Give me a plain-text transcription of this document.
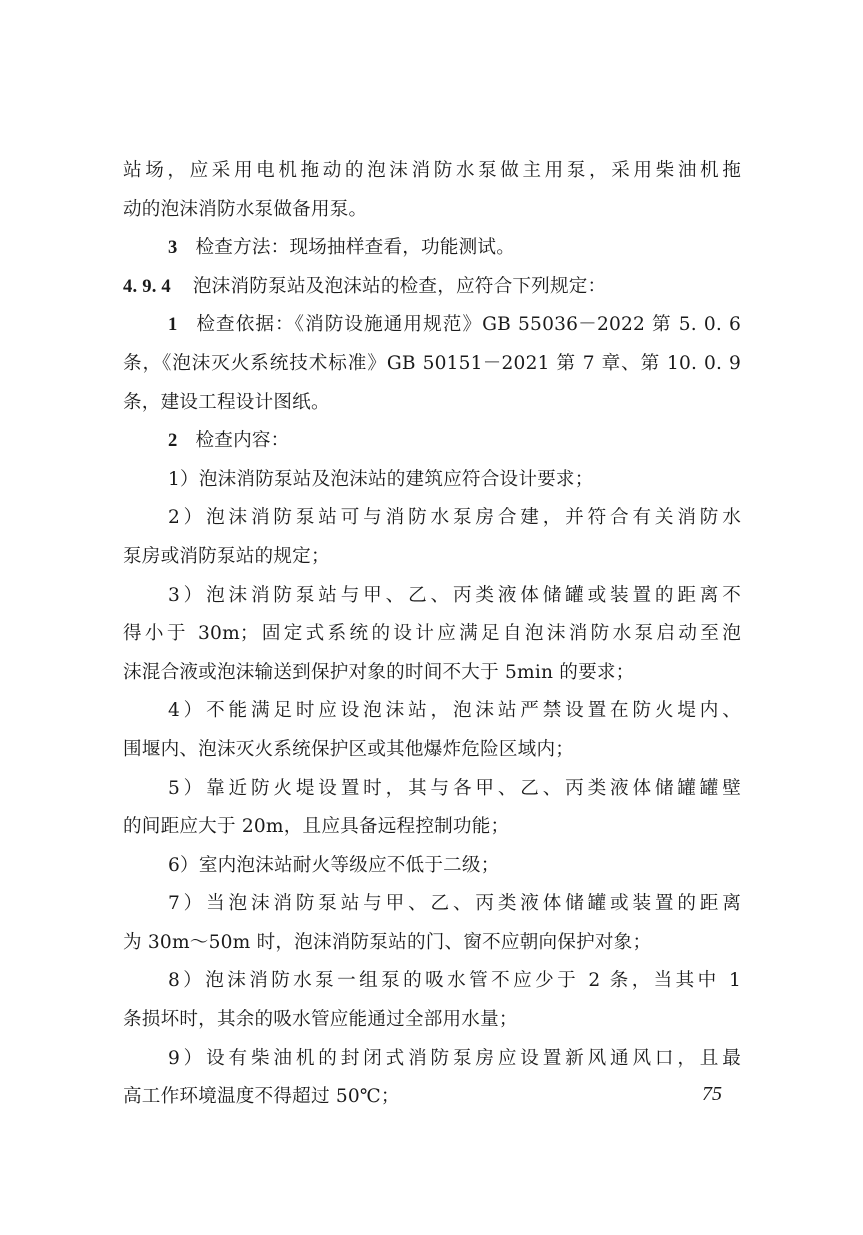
站场，应采用电机拖动的泡沫消防水泵做主用泵，采用柴油机拖
动的泡沫消防水泵做备用泵。
3 检查方法：现场抽样查看，功能测试。
4. 9. 4 泡沫消防泵站及泡沫站的检查，应符合下列规定：
1 检查依据：《消防设施通用规范》GB 55036－2022 第 5. 0. 6
条，《泡沫灭火系统技术标准》GB 50151－2021 第 7 章、第 10. 0. 9
条，建设工程设计图纸。
2 检查内容：
1）泡沫消防泵站及泡沫站的建筑应符合设计要求；
2）泡沫消防泵站可与消防水泵房合建，并符合有关消防水
泵房或消防泵站的规定；
3）泡沫消防泵站与甲、乙、丙类液体储罐或装置的距离不
得小于 30m；固定式系统的设计应满足自泡沫消防水泵启动至泡
沫混合液或泡沫输送到保护对象的时间不大于 5min 的要求；
4）不能满足时应设泡沫站，泡沫站严禁设置在防火堤内、
围堰内、泡沫灭火系统保护区或其他爆炸危险区域内；
5）靠近防火堤设置时，其与各甲、乙、丙类液体储罐罐壁
的间距应大于 20m，且应具备远程控制功能；
6）室内泡沫站耐火等级应不低于二级；
7）当泡沫消防泵站与甲、乙、丙类液体储罐或装置的距离
为 30m～50m 时，泡沫消防泵站的门、窗不应朝向保护对象；
8）泡沫消防水泵一组泵的吸水管不应少于 2 条，当其中 1
条损坏时，其余的吸水管应能通过全部用水量；
9）设有柴油机的封闭式消防泵房应设置新风通风口，且最
高工作环境温度不得超过 50℃；	75
